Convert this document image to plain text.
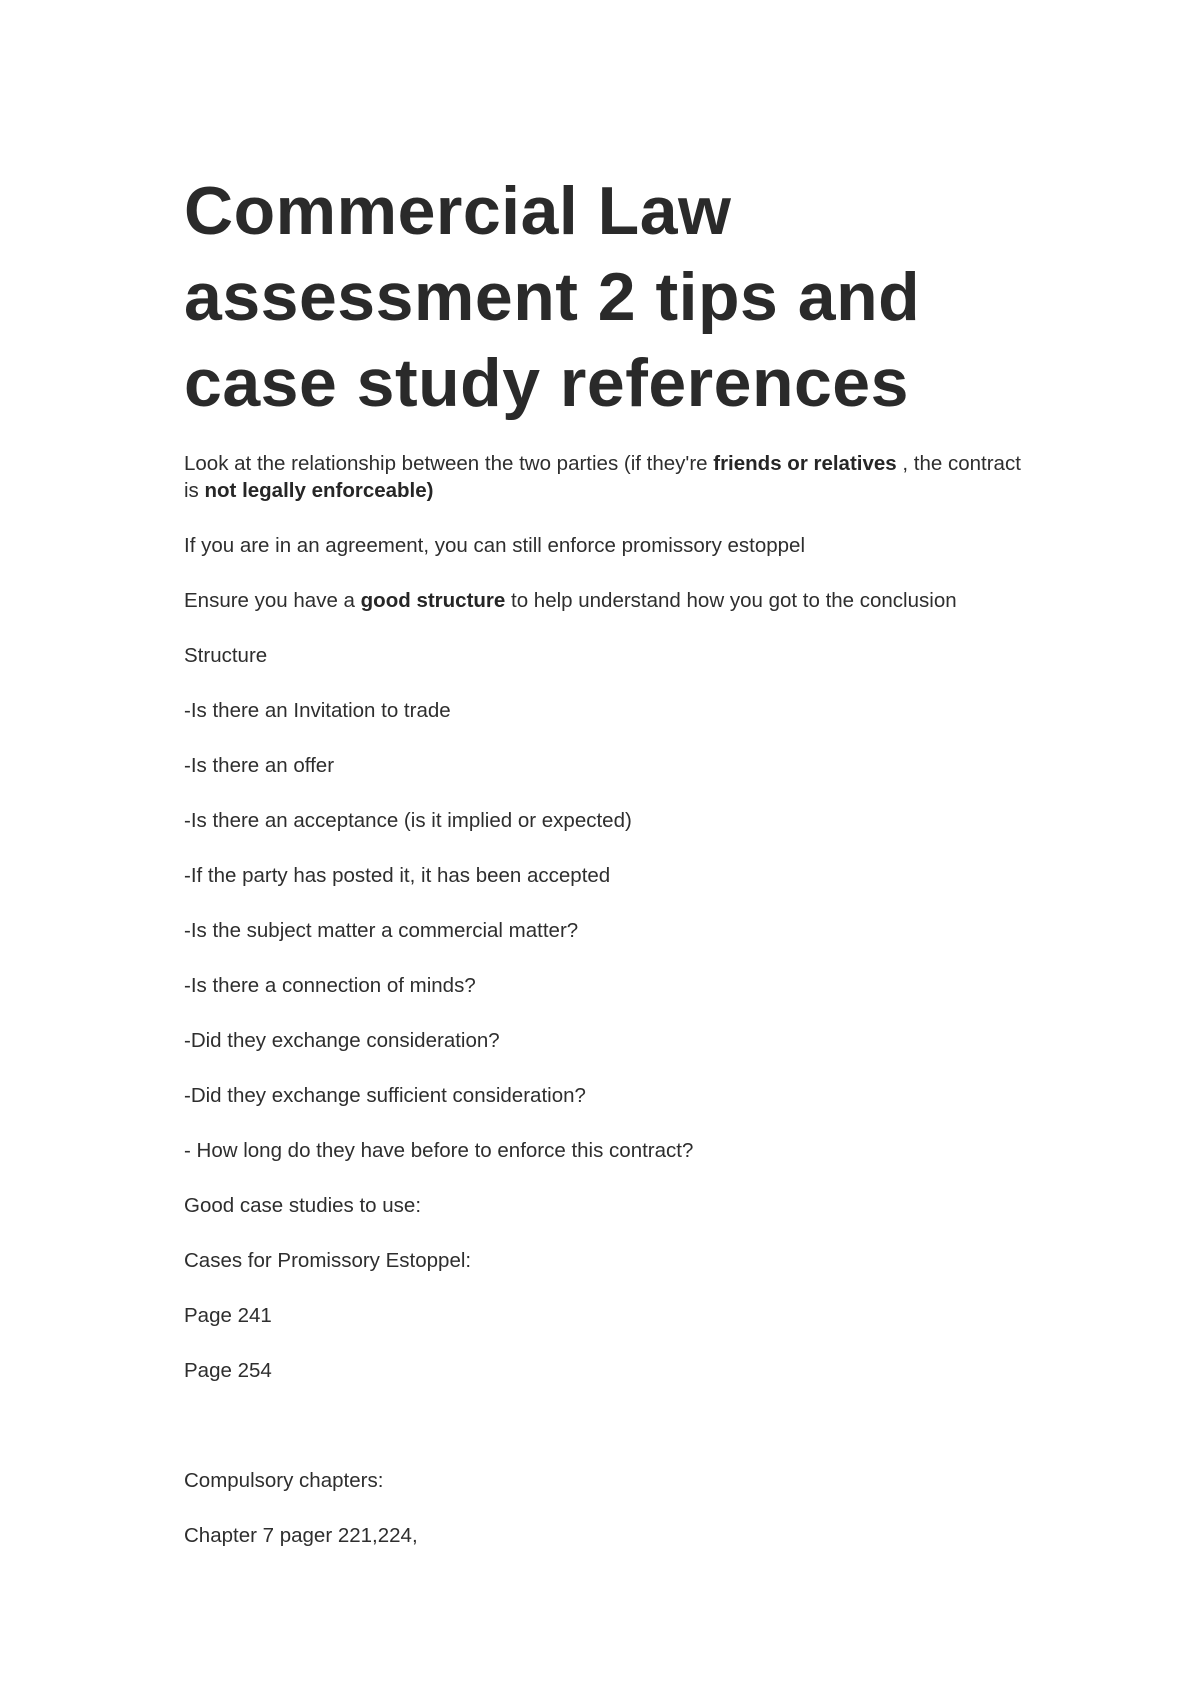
Commercial Law assessment 2 tips and case study references

Look at the relationship between the two parties (if they're friends or relatives , the contract is not legally enforceable)

If you are in an agreement, you can still enforce promissory estoppel

Ensure you have a good structure to help understand how you got to the conclusion

Structure

-Is there an Invitation to trade

-Is there an offer

-Is there an acceptance (is it implied or expected)

-If the party has posted it, it has been accepted

-Is the subject matter a commercial matter?

-Is there a connection of minds?

-Did they exchange consideration?

-Did they exchange sufficient consideration?

- How long do they have before to enforce this contract?

Good case studies to use:

Cases for Promissory Estoppel:

Page 241

Page 254

Compulsory chapters:

Chapter 7 pager 221,224,
